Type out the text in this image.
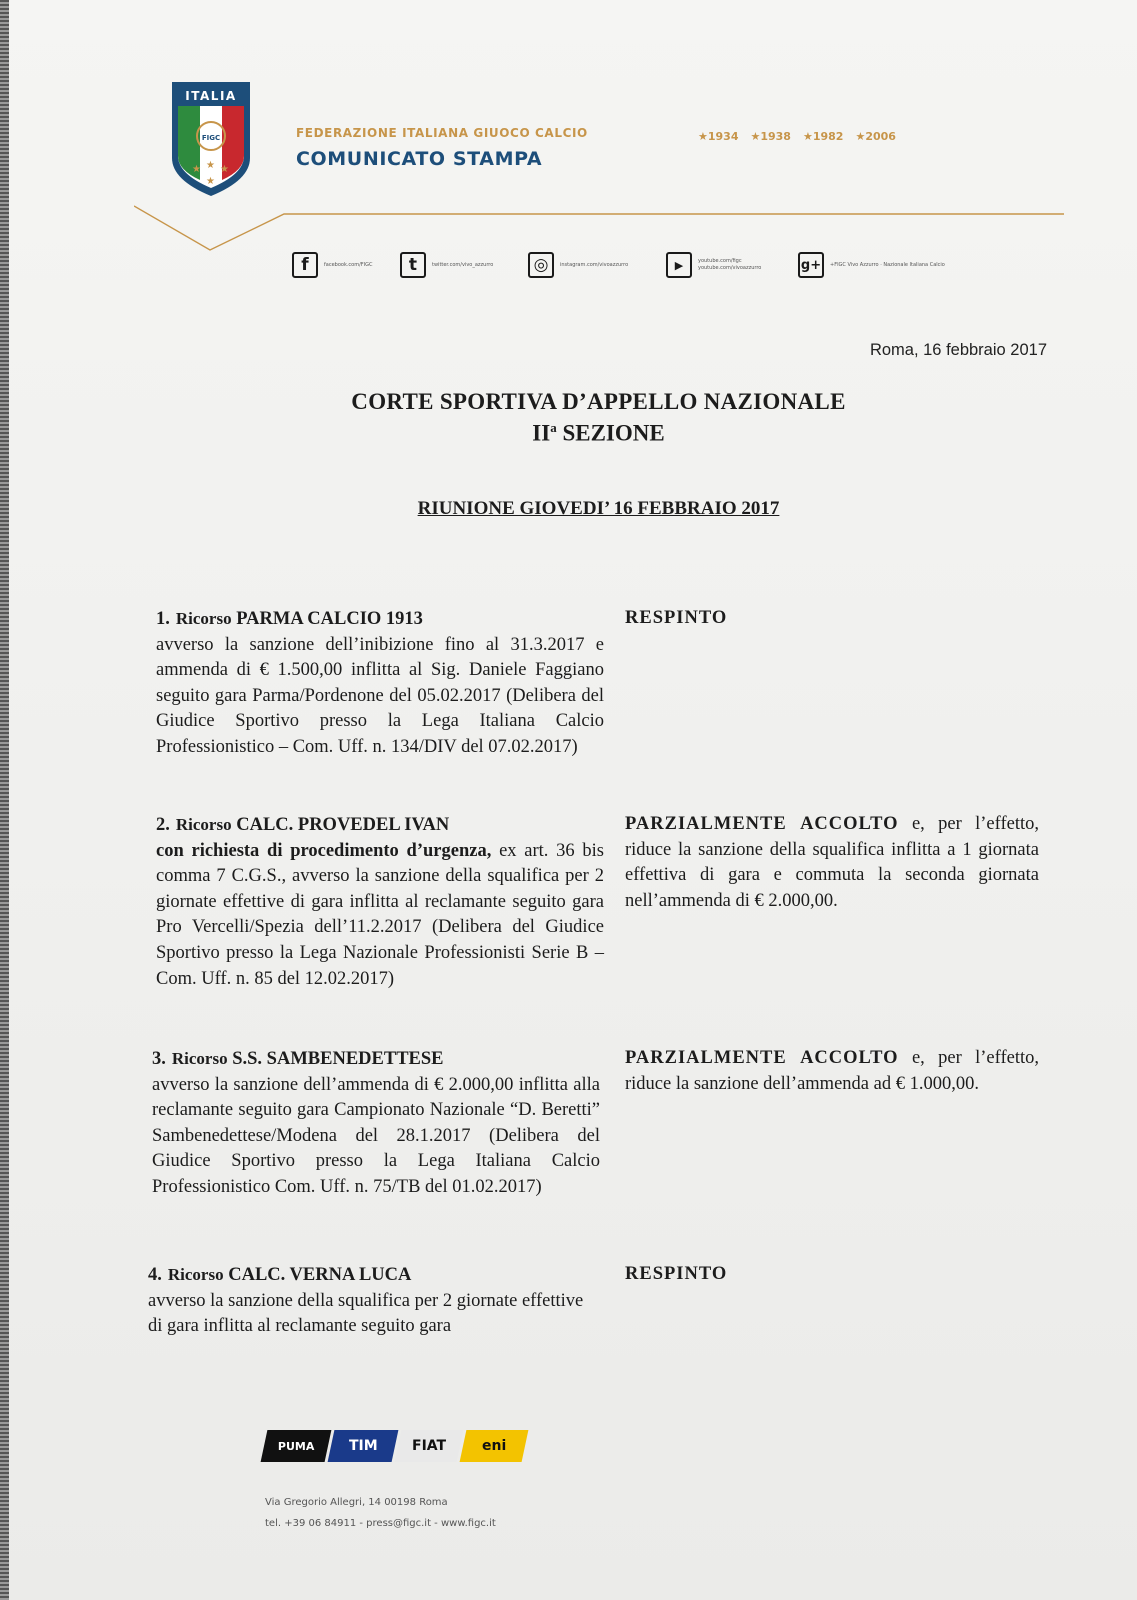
ITALIA
FIGC
★ ★ ★
★
FEDERAZIONE ITALIANA GIUOCO CALCIO
COMUNICATO STAMPA
★1934 ★1938 ★1982 ★2006
f	facebook.com/FIGC	t	twitter.com/vivo_azzurro	◎	instagram.com/vivoazzurro	▶	youtube.com/figc youtube.com/vivoazzurro	g+	+FIGC Vivo Azzurro · Nazionale Italiana Calcio
Roma, 16 febbraio 2017
CORTE SPORTIVA D’APPELLO NAZIONALE
$II^a$ SEZIONE
RIUNIONE GIOVEDI’ 16 FEBBRAIO 2017
1. Ricorso PARMA CALCIO 1913
avverso la sanzione dell’inibizione fino al 31.3.2017 e ammenda di € 1.500,00 inflitta al Sig. Daniele Faggiano seguito gara Parma/Pordenone del 05.02.2017 (Delibera del Giudice Sportivo presso la Lega Italiana Calcio Professionistico – Com. Uff. n. 134/DIV del 07.02.2017)
RESPINTO
2. Ricorso CALC. PROVEDEL IVAN
con richiesta di procedimento d’urgenza, ex art. 36 bis comma 7 C.G.S., avverso la sanzione della squalifica per 2 giornate effettive di gara inflitta al reclamante seguito gara Pro Vercelli/Spezia dell’11.2.2017 (Delibera del Giudice Sportivo presso la Lega Nazionale Professionisti Serie B – Com. Uff. n. 85 del 12.02.2017)
PARZIALMENTE ACCOLTO e, per l’effetto, riduce la sanzione della squalifica inflitta a 1 giornata effettiva di gara e commuta la seconda giornata nell’ammenda di € 2.000,00.
3. Ricorso S.S. SAMBENEDETTESE
avverso la sanzione dell’ammenda di € 2.000,00 inflitta alla reclamante seguito gara Campionato Nazionale “D. Beretti” Sambenedettese/Modena del 28.1.2017 (Delibera del Giudice Sportivo presso la Lega Italiana Calcio Professionistico Com. Uff. n. 75/TB del 01.02.2017)
PARZIALMENTE ACCOLTO e, per l’effetto, riduce la sanzione dell’ammenda ad € 1.000,00.
4. Ricorso CALC. VERNA LUCA
avverso la sanzione della squalifica per 2 giornate effettive di gara inflitta al reclamante seguito gara
RESPINTO
PUMA TIM FIAT	eni
Via Gregorio Allegri, 14 00198 Roma
tel. +39 06 84911 - press@figc.it - www.figc.it
